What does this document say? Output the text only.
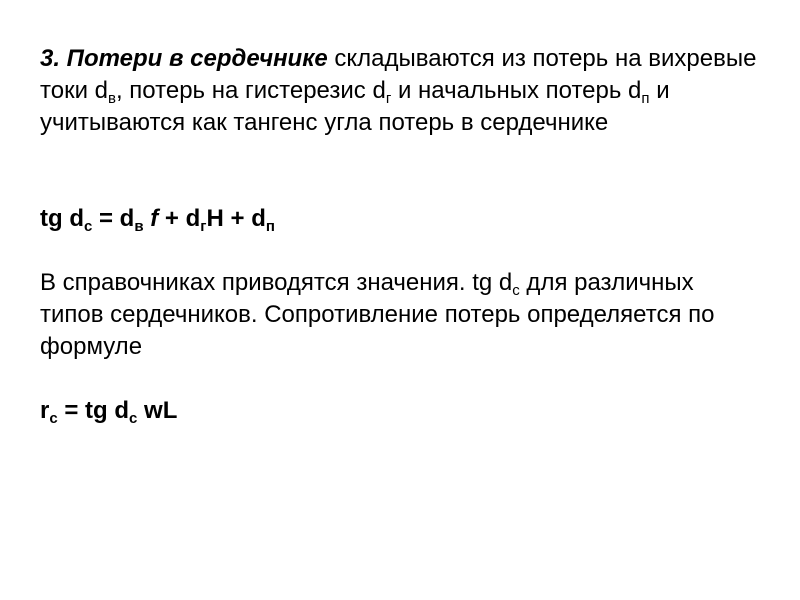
3. Потери в сердечнике складываются из потерь на вихревые токи $d_в$, потерь на гистерезис $d_г$ и начальных потерь $d_п$ и учитываются как тангенс угла потерь в сердечнике

tg $d_с = d_в$ $f + d_гH + d_п$

В справочниках приводятся значения. tg $d_с$ для различных типов сердечников. Сопротивление потерь определяется по формуле

$r_с$ = tg $d_с$ wL
